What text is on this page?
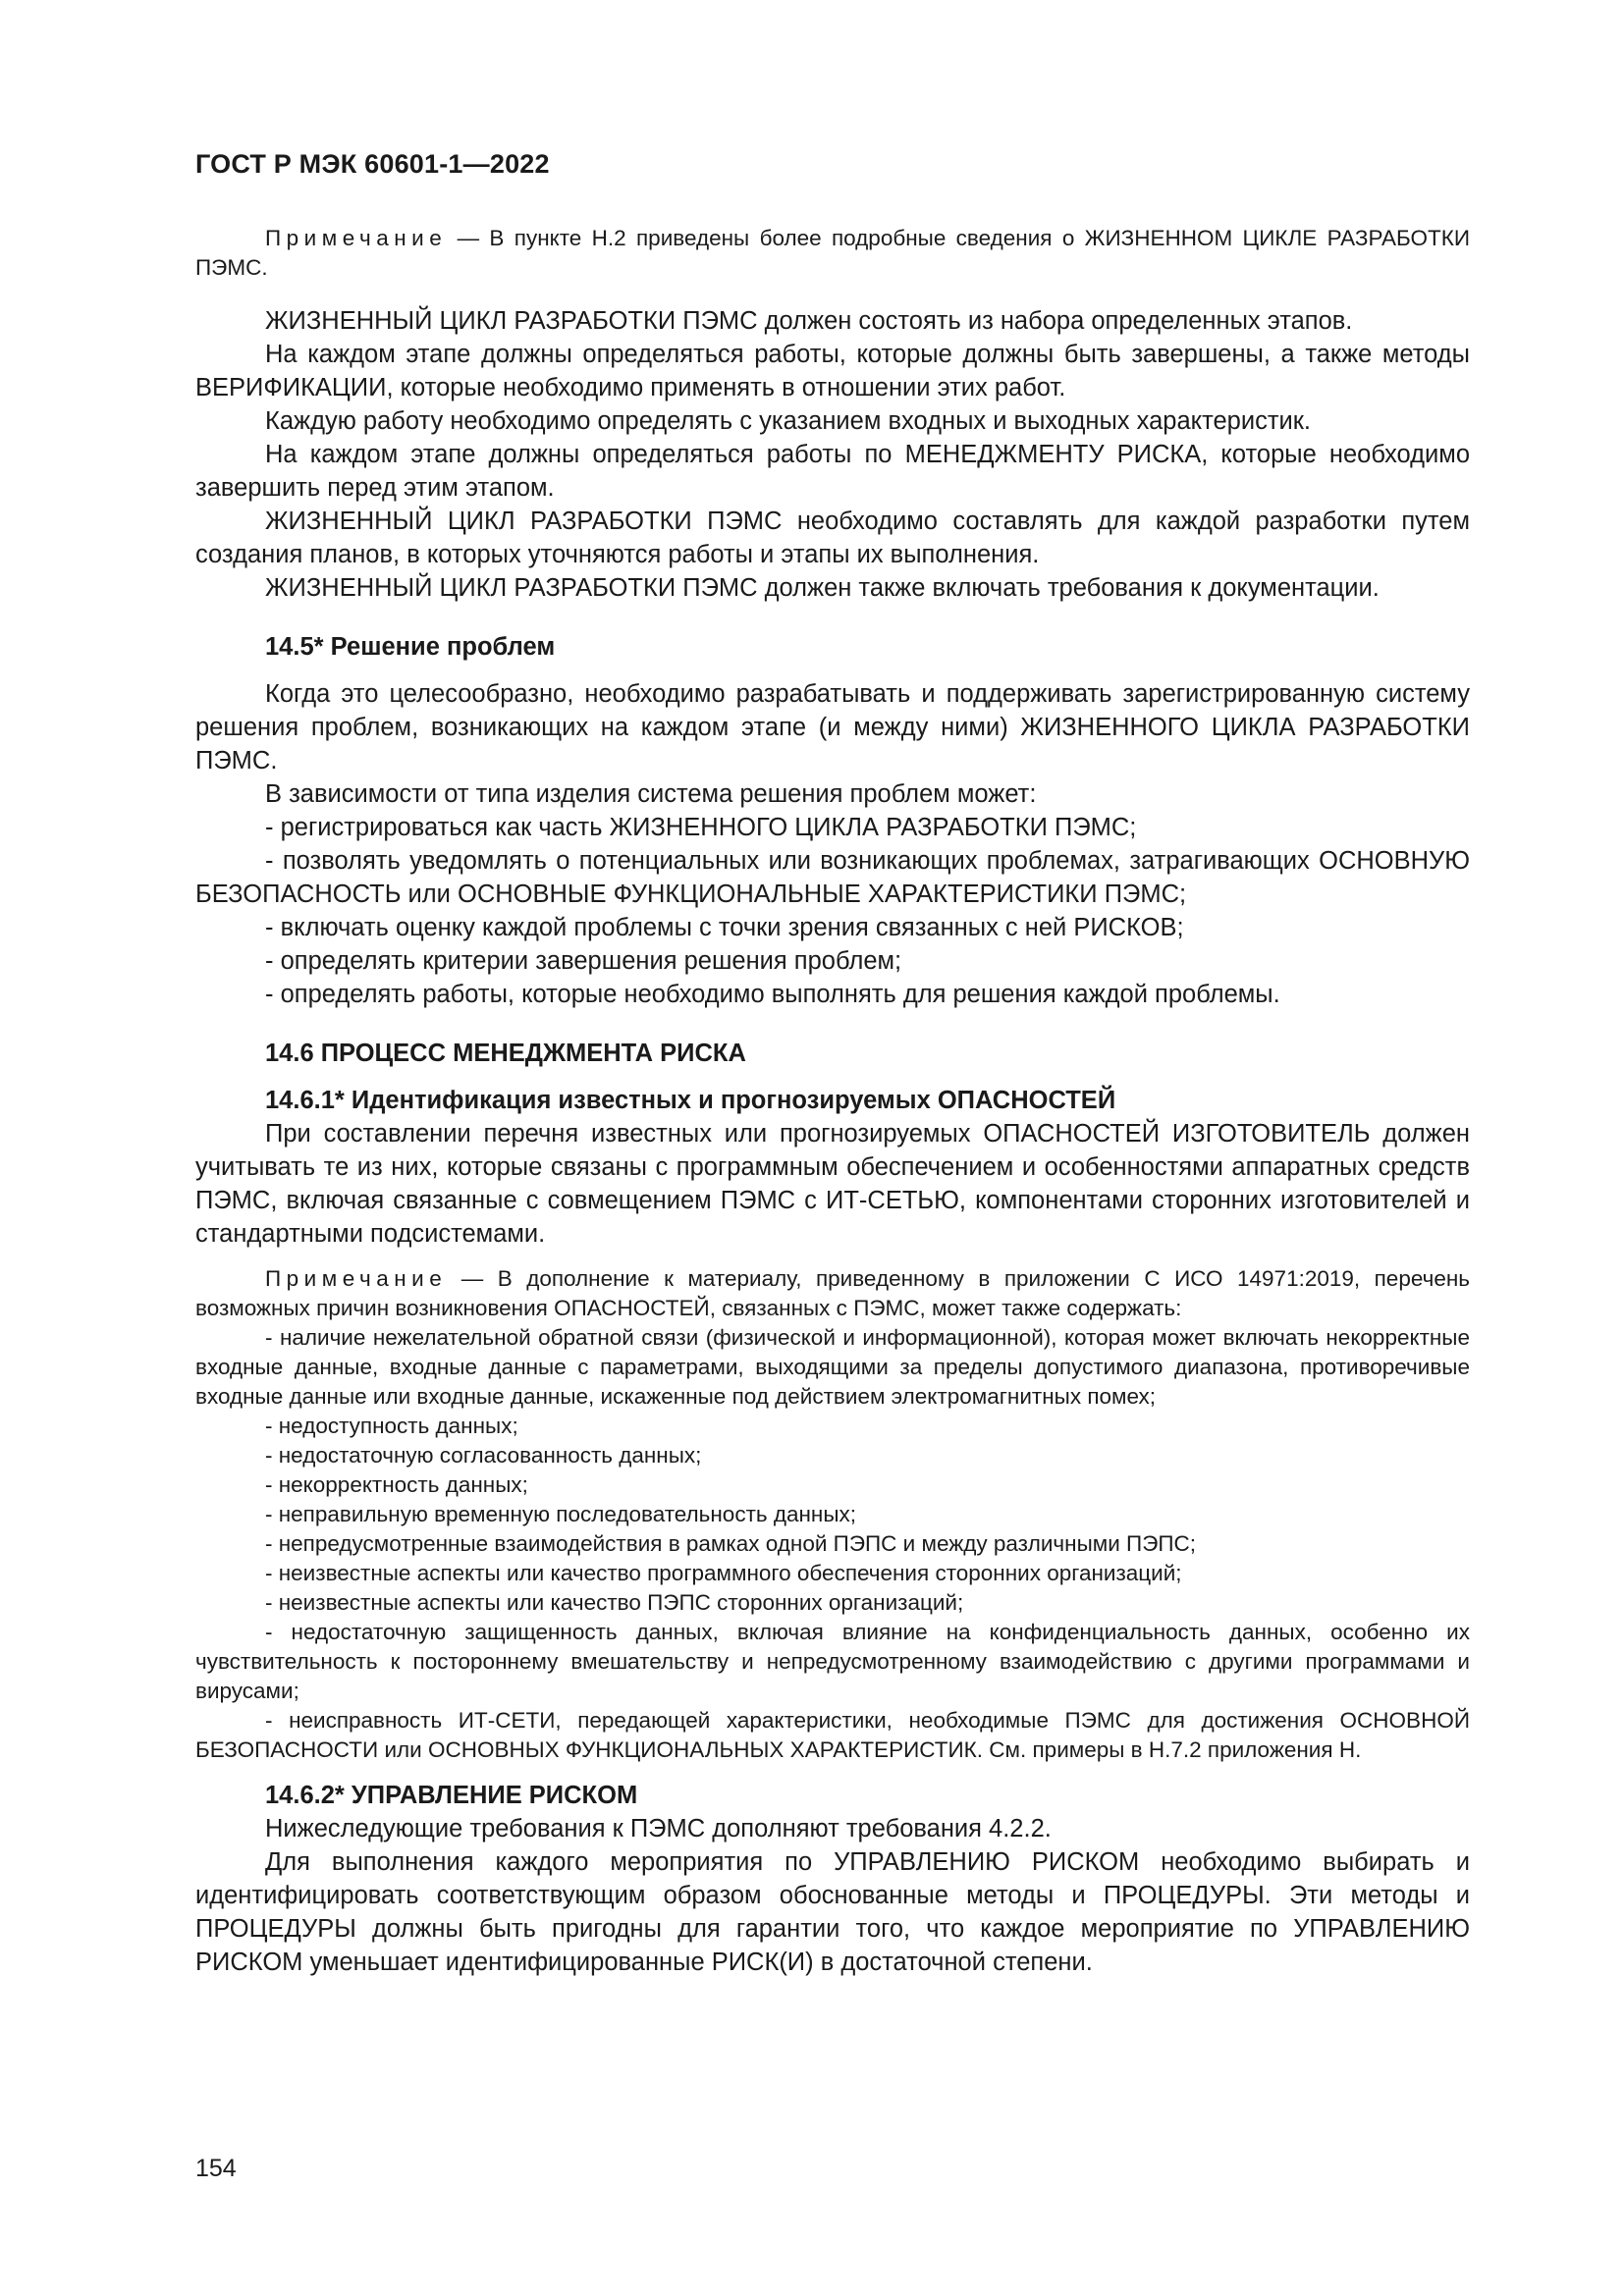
ГОСТ Р МЭК 60601-1—2022

Примечание — В пункте Н.2 приведены более подробные сведения о ЖИЗНЕННОМ ЦИКЛЕ РАЗРАБОТКИ ПЭМС.

ЖИЗНЕННЫЙ ЦИКЛ РАЗРАБОТКИ ПЭМС должен состоять из набора определенных этапов.

На каждом этапе должны определяться работы, которые должны быть завершены, а также методы ВЕРИФИКАЦИИ, которые необходимо применять в отношении этих работ.

Каждую работу необходимо определять с указанием входных и выходных характеристик.

На каждом этапе должны определяться работы по МЕНЕДЖМЕНТУ РИСКА, которые необходимо завершить перед этим этапом.

ЖИЗНЕННЫЙ ЦИКЛ РАЗРАБОТКИ ПЭМС необходимо составлять для каждой разработки путем создания планов, в которых уточняются работы и этапы их выполнения.

ЖИЗНЕННЫЙ ЦИКЛ РАЗРАБОТКИ ПЭМС должен также включать требования к документации.

14.5* Решение проблем

Когда это целесообразно, необходимо разрабатывать и поддерживать зарегистрированную систему решения проблем, возникающих на каждом этапе (и между ними) ЖИЗНЕННОГО ЦИКЛА РАЗРАБОТКИ ПЭМС.

В зависимости от типа изделия система решения проблем может:

- регистрироваться как часть ЖИЗНЕННОГО ЦИКЛА РАЗРАБОТКИ ПЭМС;

- позволять уведомлять о потенциальных или возникающих проблемах, затрагивающих ОСНОВНУЮ БЕЗОПАСНОСТЬ или ОСНОВНЫЕ ФУНКЦИОНАЛЬНЫЕ ХАРАКТЕРИСТИКИ ПЭМС;

- включать оценку каждой проблемы с точки зрения связанных с ней РИСКОВ;

- определять критерии завершения решения проблем;

- определять работы, которые необходимо выполнять для решения каждой проблемы.

14.6 ПРОЦЕСС МЕНЕДЖМЕНТА РИСКА

14.6.1* Идентификация известных и прогнозируемых ОПАСНОСТЕЙ

При составлении перечня известных или прогнозируемых ОПАСНОСТЕЙ ИЗГОТОВИТЕЛЬ должен учитывать те из них, которые связаны с программным обеспечением и особенностями аппаратных средств ПЭМС, включая связанные с совмещением ПЭМС с ИТ-СЕТЬЮ, компонентами сторонних изготовителей и стандартными подсистемами.

Примечание — В дополнение к материалу, приведенному в приложении С ИСО 14971:2019, перечень возможных причин возникновения ОПАСНОСТЕЙ, связанных с ПЭМС, может также содержать:

- наличие нежелательной обратной связи (физической и информационной), которая может включать некорректные входные данные, входные данные с параметрами, выходящими за пределы допустимого диапазона, противоречивые входные данные или входные данные, искаженные под действием электромагнитных помех;

- недоступность данных;

- недостаточную согласованность данных;

- некорректность данных;

- неправильную временную последовательность данных;

- непредусмотренные взаимодействия в рамках одной ПЭПС и между различными ПЭПС;

- неизвестные аспекты или качество программного обеспечения сторонних организаций;

- неизвестные аспекты или качество ПЭПС сторонних организаций;

- недостаточную защищенность данных, включая влияние на конфиденциальность данных, особенно их чувствительность к постороннему вмешательству и непредусмотренному взаимодействию с другими программами и вирусами;

- неисправность ИТ-СЕТИ, передающей характеристики, необходимые ПЭМС для достижения ОСНОВНОЙ БЕЗОПАСНОСТИ или ОСНОВНЫХ ФУНКЦИОНАЛЬНЫХ ХАРАКТЕРИСТИК. См. примеры в Н.7.2 приложения Н.

14.6.2* УПРАВЛЕНИЕ РИСКОМ

Нижеследующие требования к ПЭМС дополняют требования 4.2.2.

Для выполнения каждого мероприятия по УПРАВЛЕНИЮ РИСКОМ необходимо выбирать и идентифицировать соответствующим образом обоснованные методы и ПРОЦЕДУРЫ. Эти методы и ПРОЦЕДУРЫ должны быть пригодны для гарантии того, что каждое мероприятие по УПРАВЛЕНИЮ РИСКОМ уменьшает идентифицированные РИСК(И) в достаточной степени.

154
